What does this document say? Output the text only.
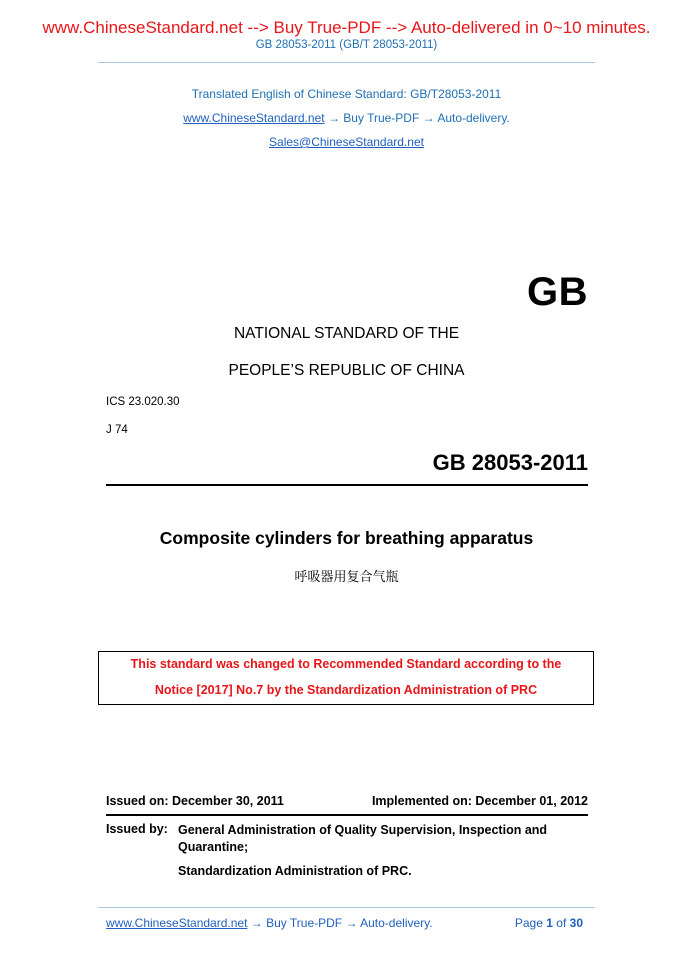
www.ChineseStandard.net --> Buy True-PDF --> Auto-delivered in 0~10 minutes.
GB 28053-2011 (GB/T 28053-2011)
Translated English of Chinese Standard: GB/T28053-2011
www.ChineseStandard.net → Buy True-PDF → Auto-delivery.
Sales@ChineseStandard.net
GB
NATIONAL STANDARD OF THE
PEOPLE’S REPUBLIC OF CHINA
ICS 23.020.30
J 74
GB 28053-2011
Composite cylinders for breathing apparatus
呼吸器用复合气瓶
This standard was changed to Recommended Standard according to the
Notice [2017] No.7 by the Standardization Administration of PRC
Issued on: December 30, 2011	Implemented on: December 01, 2012
Issued by: General Administration of Quality Supervision, Inspection and Quarantine;
Standardization Administration of PRC.
www.ChineseStandard.net → Buy True-PDF → Auto-delivery.	Page 1 of 30
